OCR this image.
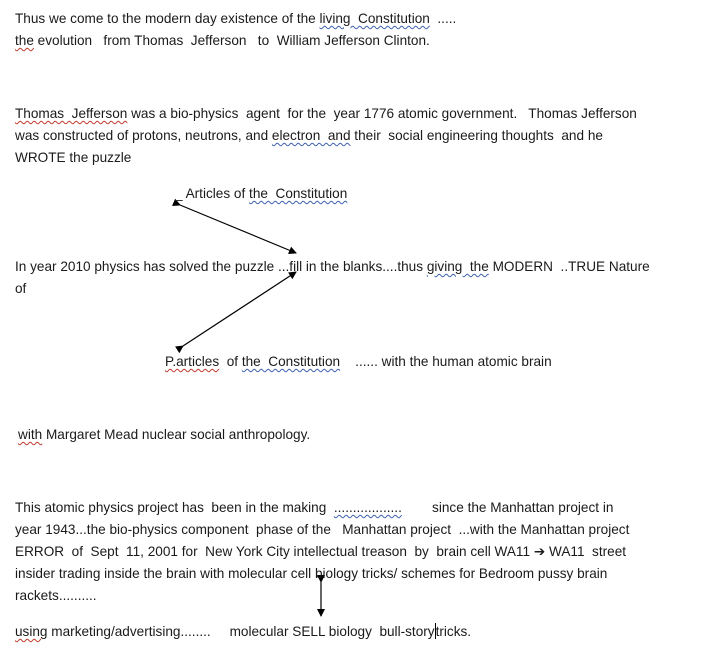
Thus we come to the modern day existence of the living  Constitution  .....
the evolution   from Thomas  Jefferson   to  William Jefferson Clinton.
Thomas  Jefferson was a bio-physics  agent  for the  year 1776 atomic government.   Thomas Jefferson
was constructed of protons, neutrons, and electron  and their  social engineering thoughts  and he
WROTE the puzzle
_ Articles of the  Constitution
In year 2010 physics has solved the puzzle ...fill in the blanks....thus giving  the MODERN  ..TRUE Nature
of
P.articles  of the  Constitution    ...... with the human atomic brain
with Margaret Mead nuclear social anthropology.
This atomic physics project has  been in the making  ..................        since the Manhattan project in
year 1943...the bio-physics component  phase of the   Manhattan project  ...with the Manhattan project
ERROR  of  Sept  11, 2001 for  New York City intellectual treason  by  brain cell WA11 ➔ WA11  street
insider trading inside the brain with molecular cell biology tricks/ schemes for Bedroom pussy brain
rackets..........
using marketing/advertising........     molecular SELL biology  bull-storytricks.
